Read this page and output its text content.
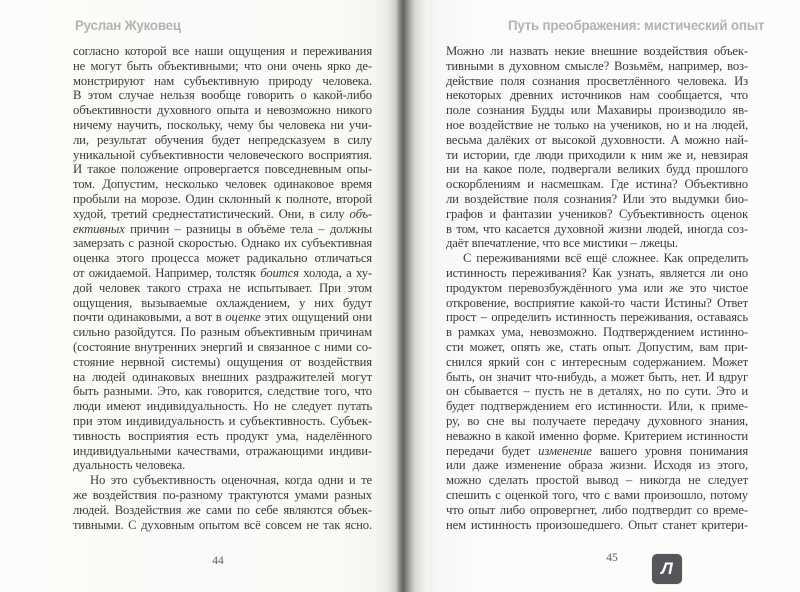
Руслан Жуковец	Путь преображения: мистический опыт
согласно которой все наши ощущения и переживания
не могут быть объективными; что они очень ярко де-
монстрируют нам субъективную природу человека.
В этом случае нельзя вообще говорить о какой-либо
объективности духовного опыта и невозможно никого
ничему научить, поскольку, чему бы человека ни учи-
ли, результат обучения будет непредсказуем в силу
уникальной субъективности человеческого восприятия.
И такое положение опровергается повседневным опы-
том. Допустим, несколько человек одинаковое время
пробыли на морозе. Один склонный к полноте, второй
худой, третий среднестатистический. Они, в силу объ-
ективных причин – разницы в объёме тела – должны
замерзать с разной скоростью. Однако их субъективная
оценка этого процесса может радикально отличаться
от ожидаемой. Например, толстяк боится холода, а ху-
дой человек такого страха не испытывает. При этом
ощущения, вызываемые охлаждением, у них будут
почти одинаковыми, а вот в оценке этих ощущений они
сильно разойдутся. По разным объективным причинам
(состояние внутренних энергий и связанное с ними со-
стояние нервной системы) ощущения от воздействия
на людей одинаковых внешних раздражителей могут
быть разными. Это, как говорится, следствие того, что
люди имеют индивидуальность. Но не следует путать
при этом индивидуальность и субъективность. Субъек-
тивность восприятия есть продукт ума, наделённого
индивидуальными качествами, отражающими индиви-
дуальность человека.
Но это субъективность оценочная, когда одни и те
же воздействия по-разному трактуются умами разных
людей. Воздействия же сами по себе являются объек-
тивными. С духовным опытом всё совсем не так ясно.
Можно ли назвать некие внешние воздействия объек-
тивными в духовном смысле? Возьмём, например, воз-
действие поля сознания просветлённого человека. Из
некоторых древних источников нам сообщается, что
поле сознания Будды или Махавиры производило яв-
ное воздействие не только на учеников, но и на людей,
весьма далёких от высокой духовности. А можно най-
ти истории, где люди приходили к ним же и, невзирая
ни на какое поле, подвергали великих будд прошлого
оскорблениям и насмешкам. Где истина? Объективно
ли воздействие поля сознания? Или это выдумки био-
графов и фантазии учеников? Субъективность оценок
в том, что касается духовной жизни людей, иногда соз-
даёт впечатление, что все мистики – лжецы.
С переживаниями всё ещё сложнее. Как определить
истинность переживания? Как узнать, является ли оно
продуктом перевозбуждённого ума или же это чистое
откровение, восприятие какой-то части Истины? Ответ
прост – определить истинность переживания, оставаясь
в рамках ума, невозможно. Подтверждением истинно-
сти может, опять же, стать опыт. Допустим, вам при-
снился яркий сон с интересным содержанием. Может
быть, он значит что-нибудь, а может быть, нет. И вдруг
он сбывается – пусть не в деталях, но по сути. Это и
будет подтверждением его истинности. Или, к приме-
ру, во сне вы получаете передачу духовного знания,
неважно в какой именно форме. Критерием истинности
передачи будет изменение вашего уровня понимания
или даже изменение образа жизни. Исходя из этого,
можно сделать простой вывод – никогда не следует
спешить с оценкой того, что с вами произошло, потому
что опыт либо опровергнет, либо подтвердит со време-
нем истинность произошедшего. Опыт станет критери-
44	45
Л
